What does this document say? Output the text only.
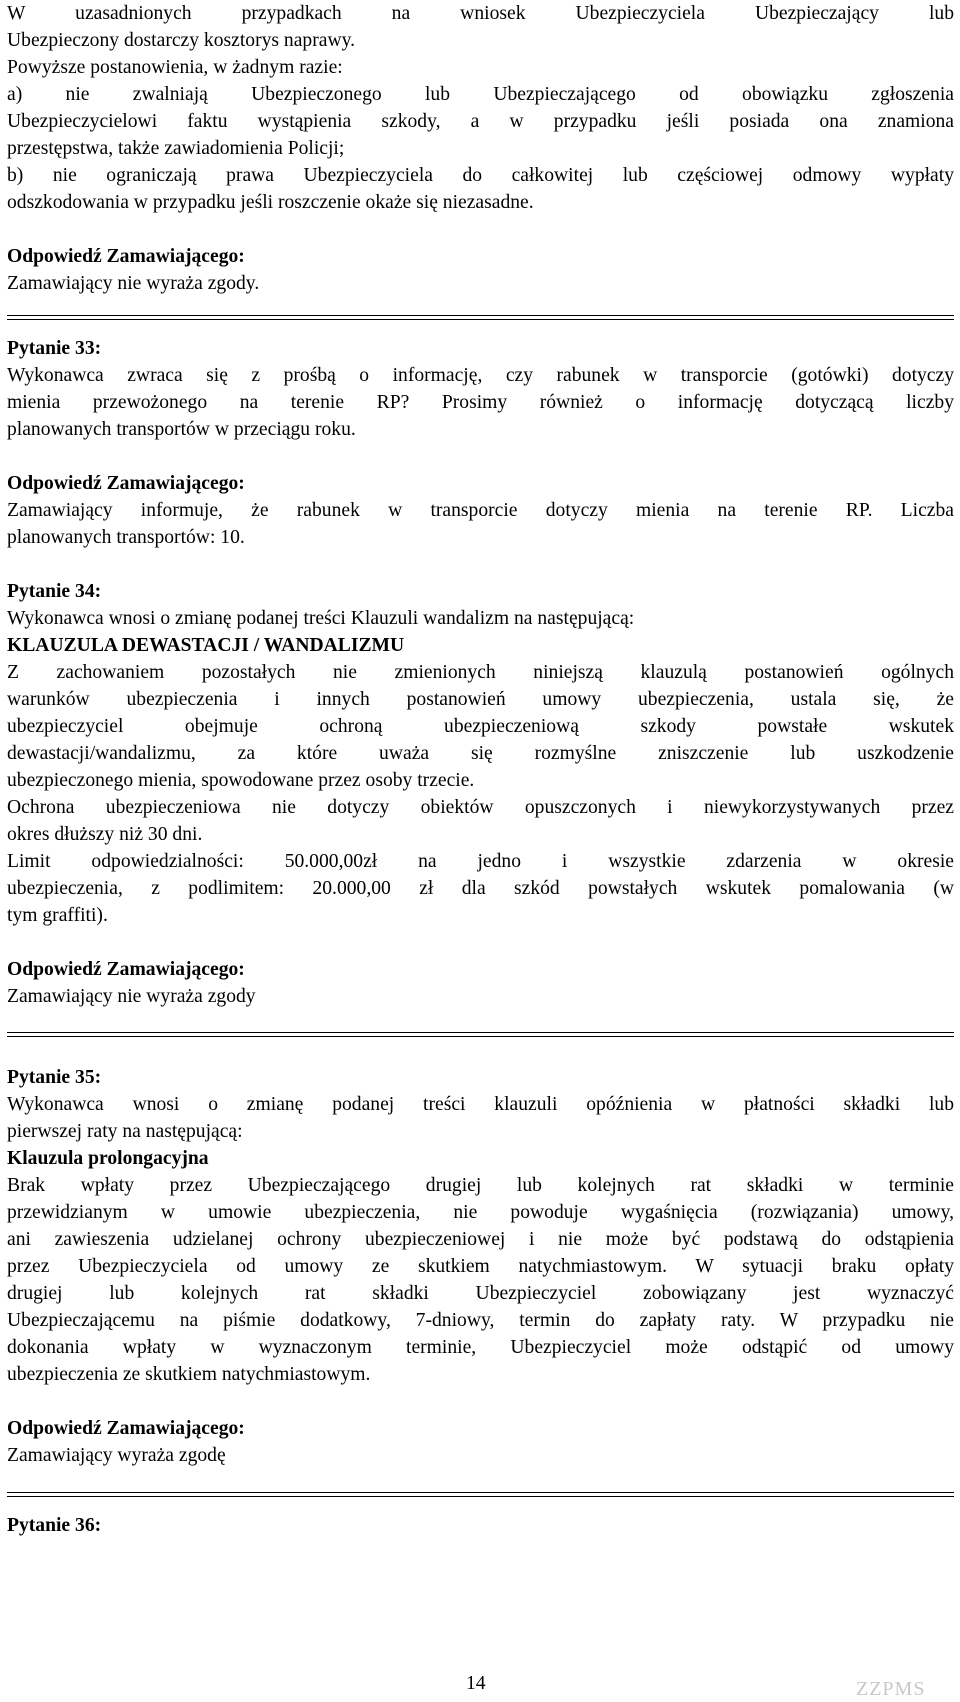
W uzasadnionych przypadkach na wniosek Ubezpieczyciela Ubezpieczający lub
Ubezpieczony dostarczy kosztorys naprawy.
Powyższe postanowienia, w żadnym razie:
a) nie zwalniają Ubezpieczonego lub Ubezpieczającego od obowiązku zgłoszenia
Ubezpieczycielowi faktu wystąpienia szkody, a w przypadku jeśli posiada ona znamiona
przestępstwa, także zawiadomienia Policji;
b) nie ograniczają prawa Ubezpieczyciela do całkowitej lub częściowej odmowy wypłaty
odszkodowania w przypadku jeśli roszczenie okaże się niezasadne.
Odpowiedź Zamawiającego:
Zamawiający nie wyraża zgody.
Pytanie 33:
Wykonawca zwraca się z prośbą o informację, czy rabunek w transporcie (gotówki) dotyczy
mienia przewożonego na terenie RP? Prosimy również o informację dotyczącą liczby
planowanych transportów w przeciągu roku.
Odpowiedź Zamawiającego:
Zamawiający informuje, że rabunek w transporcie dotyczy mienia na terenie RP. Liczba
planowanych transportów: 10.
Pytanie 34:
Wykonawca wnosi o zmianę podanej treści Klauzuli wandalizm na następującą:
KLAUZULA DEWASTACJI / WANDALIZMU
Z zachowaniem pozostałych nie zmienionych niniejszą klauzulą postanowień ogólnych
warunków ubezpieczenia i innych postanowień umowy ubezpieczenia, ustala się, że
ubezpieczyciel obejmuje ochroną ubezpieczeniową szkody powstałe wskutek
dewastacji/wandalizmu, za które uważa się rozmyślne zniszczenie lub uszkodzenie
ubezpieczonego mienia, spowodowane przez osoby trzecie.
Ochrona ubezpieczeniowa nie dotyczy obiektów opuszczonych i niewykorzystywanych przez
okres dłuższy niż 30 dni.
Limit odpowiedzialności: 50.000,00zł na jedno i wszystkie zdarzenia w okresie
ubezpieczenia, z podlimitem: 20.000,00 zł dla szkód powstałych wskutek pomalowania (w
tym graffiti).
Odpowiedź Zamawiającego:
Zamawiający nie wyraża zgody
Pytanie 35:
Wykonawca wnosi o zmianę podanej treści klauzuli opóźnienia w płatności składki lub
pierwszej raty na następującą:
Klauzula prolongacyjna
Brak wpłaty przez Ubezpieczającego drugiej lub kolejnych rat składki w terminie
przewidzianym w umowie ubezpieczenia, nie powoduje wygaśnięcia (rozwiązania) umowy,
ani zawieszenia udzielanej ochrony ubezpieczeniowej i nie może być podstawą do odstąpienia
przez Ubezpieczyciela od umowy ze skutkiem natychmiastowym. W sytuacji braku opłaty
drugiej lub kolejnych rat składki Ubezpieczyciel zobowiązany jest wyznaczyć
Ubezpieczającemu na piśmie dodatkowy, 7-dniowy, termin do zapłaty raty. W przypadku nie
dokonania wpłaty w wyznaczonym terminie, Ubezpieczyciel może odstąpić od umowy
ubezpieczenia ze skutkiem natychmiastowym.
Odpowiedź Zamawiającego:
Zamawiający wyraża zgodę
Pytanie 36:
14	ZZPMS
